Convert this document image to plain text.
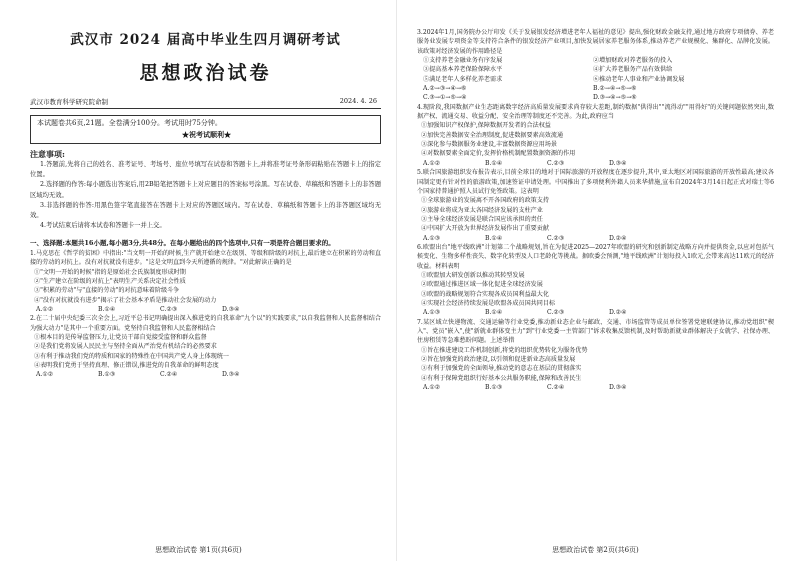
武汉市 2024 届高中毕业生四月调研考试
思想政治试卷
武汉市教育科学研究院命制	2024. 4. 26
本试题卷共6页,21题。全卷满分100分。考试用时75分钟。
★祝考试顺利★
注意事项:

1.答题前,先将自己的姓名、准考证号、考场号、座位号填写在试卷和答题卡上,并将准考证号条形码粘贴在答题卡上的指定位置。

2.选择题的作答:每小题选出答案后,用2B铅笔把答题卡上对应题目的答案标号涂黑。写在试卷、草稿纸和答题卡上的非答题区域均无效。

3.非选择题的作答:用黑色签字笔直接答在答题卡上对应的答题区域内。写在试卷、草稿纸和答题卡上的非答题区域均无效。

4.考试结束后请将本试卷和答题卡一并上交。

一、选择题:本题共16小题,每小题3分,共48分。在每小题给出的四个选项中,只有一项是符合题目要求的。

1.马克思在《哲学的贫困》中指出:"当文明一开始的时候,生产就开始建立在级别、等级和阶级的对抗上,最后建立在积累的劳动和直接的劳动的对抗上。没有对抗就没有进步。"这是文明直到今天所遵循的规律。"对此解读正确的是

①"文明一开始的时候"指的是原始社会氏族制度形成时期
②"生产建立在阶级的对抗上"表明生产关系决定社会性质
③"积累的劳动"与"直接的劳动"的对抗意味着阶级斗争
④"没有对抗就没有进步"揭示了社会基本矛盾是推动社会发展的动力
A.①②	B.①④	C.②③	D.③④

2.在二十届中央纪委三次全会上,习近平总书记明确提出深入推进党的自我革命"九个以"的实践要求,"以自我监督和人民监督相结合为强大动力"是其中一个重要方面。党坚持自我监督和人民监督相结合

①根本目的是传导监督压力,让党员干部自觉接受监督和群众监督
②是我们党将发展人民民主与坚持全面从严治党有机结合的必然要求
③有利于推动我们党的特质和国家的特殊性在中国共产党人身上体现统一
④表明我们党勇于坚持真理、修正错误,推进党的自我革命的鲜明态度
A.①②	B.①③	C.②④	D.③④
思想政治试卷 第1页(共6页)

3.2024年1月,国务院办公厅印发《关于发展银发经济增进老年人福祉的意见》提出,强化财政金融支持,通过地方政府专项债券、养老服务业发展专项资金等支持符合条件的银发经济产业项目,加快发展居家养老服务体系,推动养老产业规模化、集群化、品牌化发展。该政策对经济发展的作用路径是

①支持养老金融业务有序发展	②增加财政对养老服务的投入
③提高基本养老保险保障水平	④扩大养老服务产品有效供给
⑤满足老年人多样化养老需求	⑥推动老年人事业和产业协调发展
A.②→③→④→⑥	B.②→④→⑤→⑥
C.③→①→⑤→④	D.③→④→⑤→⑥

4.现阶段,我国数据产业生态距离数字经济高质量发展要求尚存较大差距,制约数据"供得出""流得动""用得好"的关键问题依然突出,数据产权、流通交易、收益分配、安全治理等制度还不完善。为此,政府应当

①加强知识产权保护,保障数据开发者的合法权益
②加快完善数据安全治理制度,促进数据要素高效流通
③深化参与数据服务业建设,丰富数据资源应用场景
④对数据要素全面定价,发挥价格机制配置数据资源的作用
A.①②	B.①④	C.②③	D.③④

5.联合国旅游组织发布报告表示,目前全球目的地对于国际旅游的开放程度在逐步提升,其中,亚太地区对国际旅游的开放性最高;建议各国制定更有针对性的旅游政策,加速签证申请处理。中国推出了多项便利外籍人员来华措施,宣布自2024年3月14日起正式对瑞士等6个国家持普通护照人员试行免签政策。这表明

①全球旅游业的发展离不开各国政府的政策支持
②旅游业将成为亚太各国经济发展的支柱产业
③主导全球经济发展是联合国应该承担的责任
④中国扩大开放为世界经济发展作出了重要贡献
A.①③	B.①④	C.②③	D.②④

6.欧盟出台"地平线欧洲"计划第二个战略规划,旨在为促进2025—2027年欧盟的研究和创新制定战略方向并提供资金,以应对包括气候变化、生物多样性丧失、数字化转型及人口老龄化等挑战。据欧委会预测,"地平线欧洲"计划每投入1欧元,会带来高达11欧元的经济收益。材料表明

①欧盟加大研发创新以推动其转型发展
②欧盟通过推进区域一体化促进全球经济发展
③欧盟的战略规划符合实现各成员国利益最大化
④实现社会经济持续发展是欧盟各成员国共同目标
A.①③	B.①④	C.②③	D.②④

7.某区域立快递物流、交通运输等行业党委,推动新业态企业与邮政、交通、市场监管等成员单位签署党建联建协议,推动党组织"楔入"、党员"嵌入",使"新就业群体变主力"到"行业党委一主管部门"诉求收集反馈机制,及时帮助新就业群体解决子女就学、社保办理、住房租赁等急难愁盼问题。上述举措

①旨在推进建设工作机制创新,将党的组织优势转化为服务优势
②旨在加强党的政治建设,以引领和促进新业态高质量发展
③有利于加强党的全面领导,推动党的意志在基层的贯彻落实
④有利于保障党组织行好基本公共服务职能,保障和改善民生
A.①②	B.①③	C.②④	D.③④
思想政治试卷 第2页(共6页)
